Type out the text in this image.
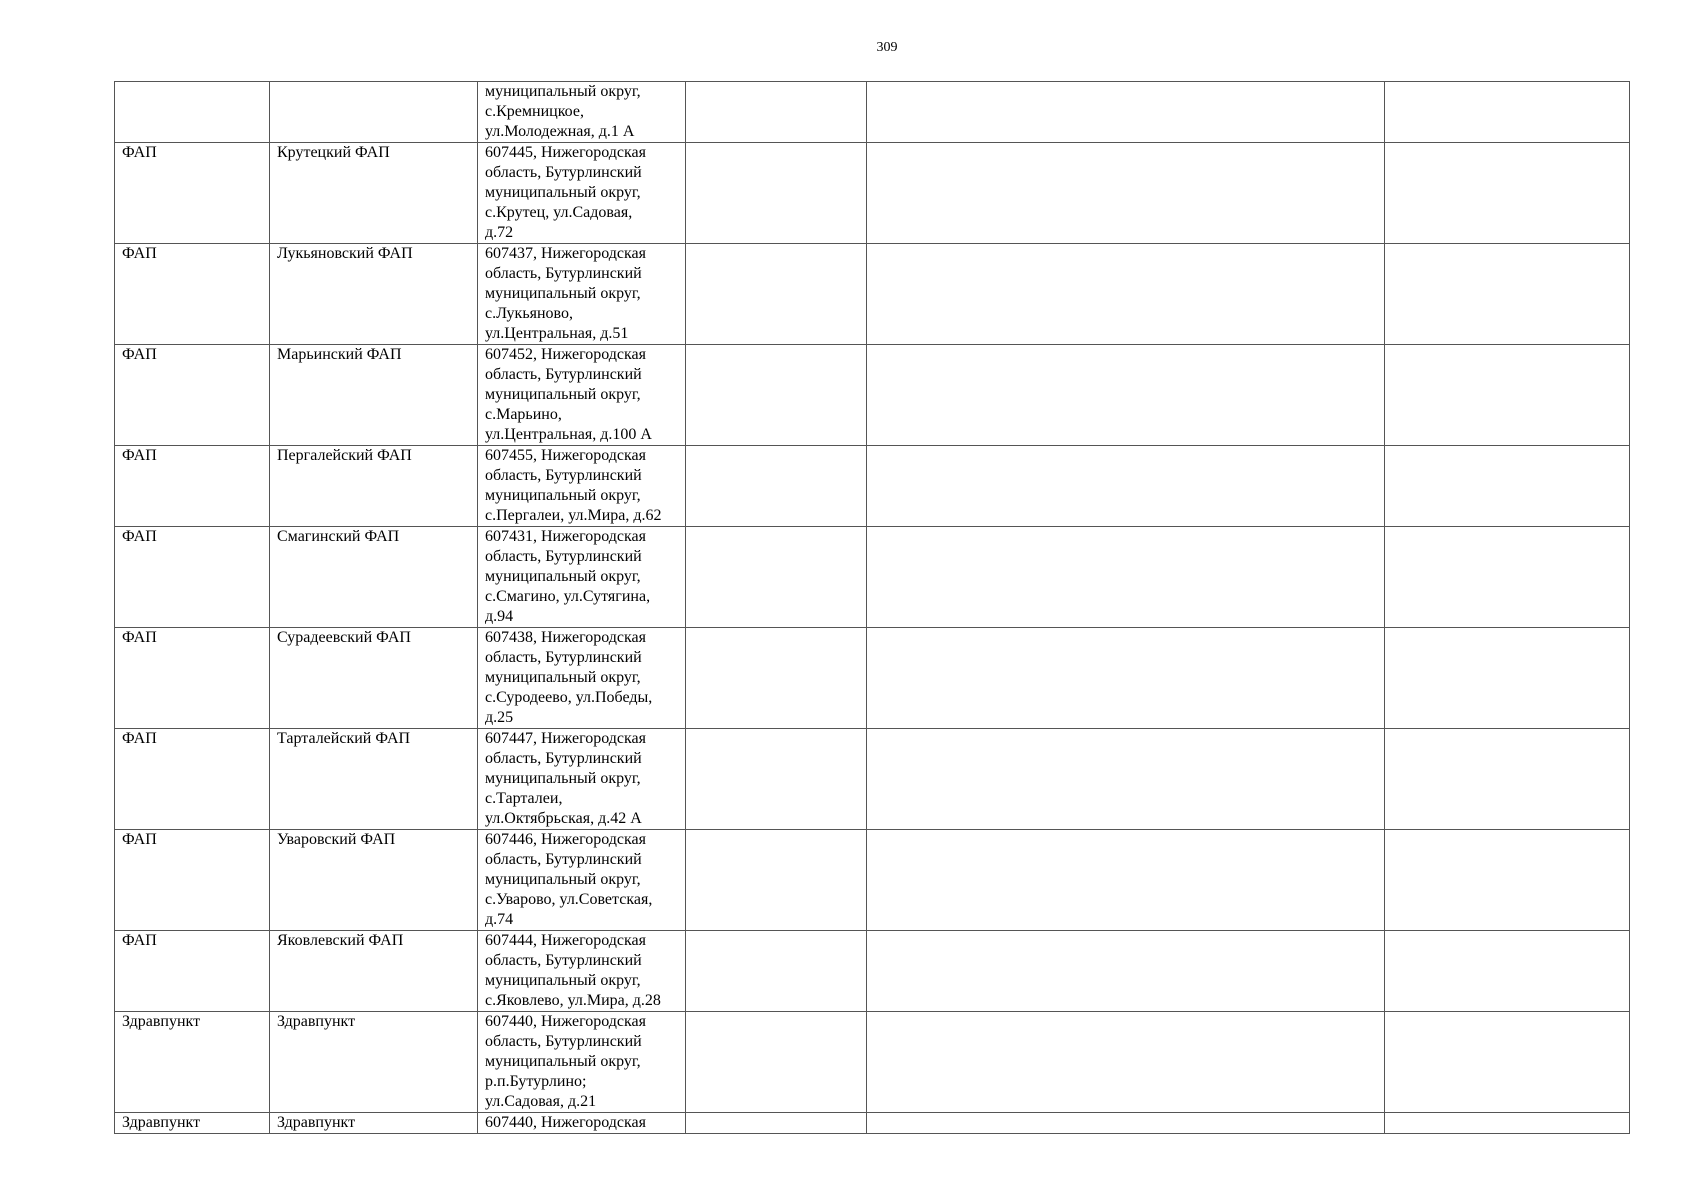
309
		муниципальный округ,
с.Кремницкое,
ул.Молодежная, д.1 А			
ФАП	Крутецкий ФАП	607445, Нижегородская
область, Бутурлинский
муниципальный округ,
с.Крутец, ул.Садовая,
д.72			
ФАП	Лукьяновский ФАП	607437, Нижегородская
область, Бутурлинский
муниципальный округ,
с.Лукьяново,
ул.Центральная, д.51			
ФАП	Марьинский ФАП	607452, Нижегородская
область, Бутурлинский
муниципальный округ,
с.Марьино,
ул.Центральная, д.100 А			
ФАП	Пергалейский ФАП	607455, Нижегородская
область, Бутурлинский
муниципальный округ,
с.Пергалеи, ул.Мира, д.62			
ФАП	Смагинский ФАП	607431, Нижегородская
область, Бутурлинский
муниципальный округ,
с.Смагино, ул.Сутягина,
д.94			
ФАП	Сурадеевский ФАП	607438, Нижегородская
область, Бутурлинский
муниципальный округ,
с.Суродеево, ул.Победы,
д.25			
ФАП	Тарталейский ФАП	607447, Нижегородская
область, Бутурлинский
муниципальный округ,
с.Тарталеи,
ул.Октябрьская, д.42 А			
ФАП	Уваровский ФАП	607446, Нижегородская
область, Бутурлинский
муниципальный округ,
с.Уварово, ул.Советская,
д.74			
ФАП	Яковлевский ФАП	607444, Нижегородская
область, Бутурлинский
муниципальный округ,
с.Яковлево, ул.Мира, д.28			
Здравпункт	Здравпункт	607440, Нижегородская
область, Бутурлинский
муниципальный округ,
р.п.Бутурлино;
ул.Садовая, д.21			
Здравпункт	Здравпункт	607440, Нижегородская			
